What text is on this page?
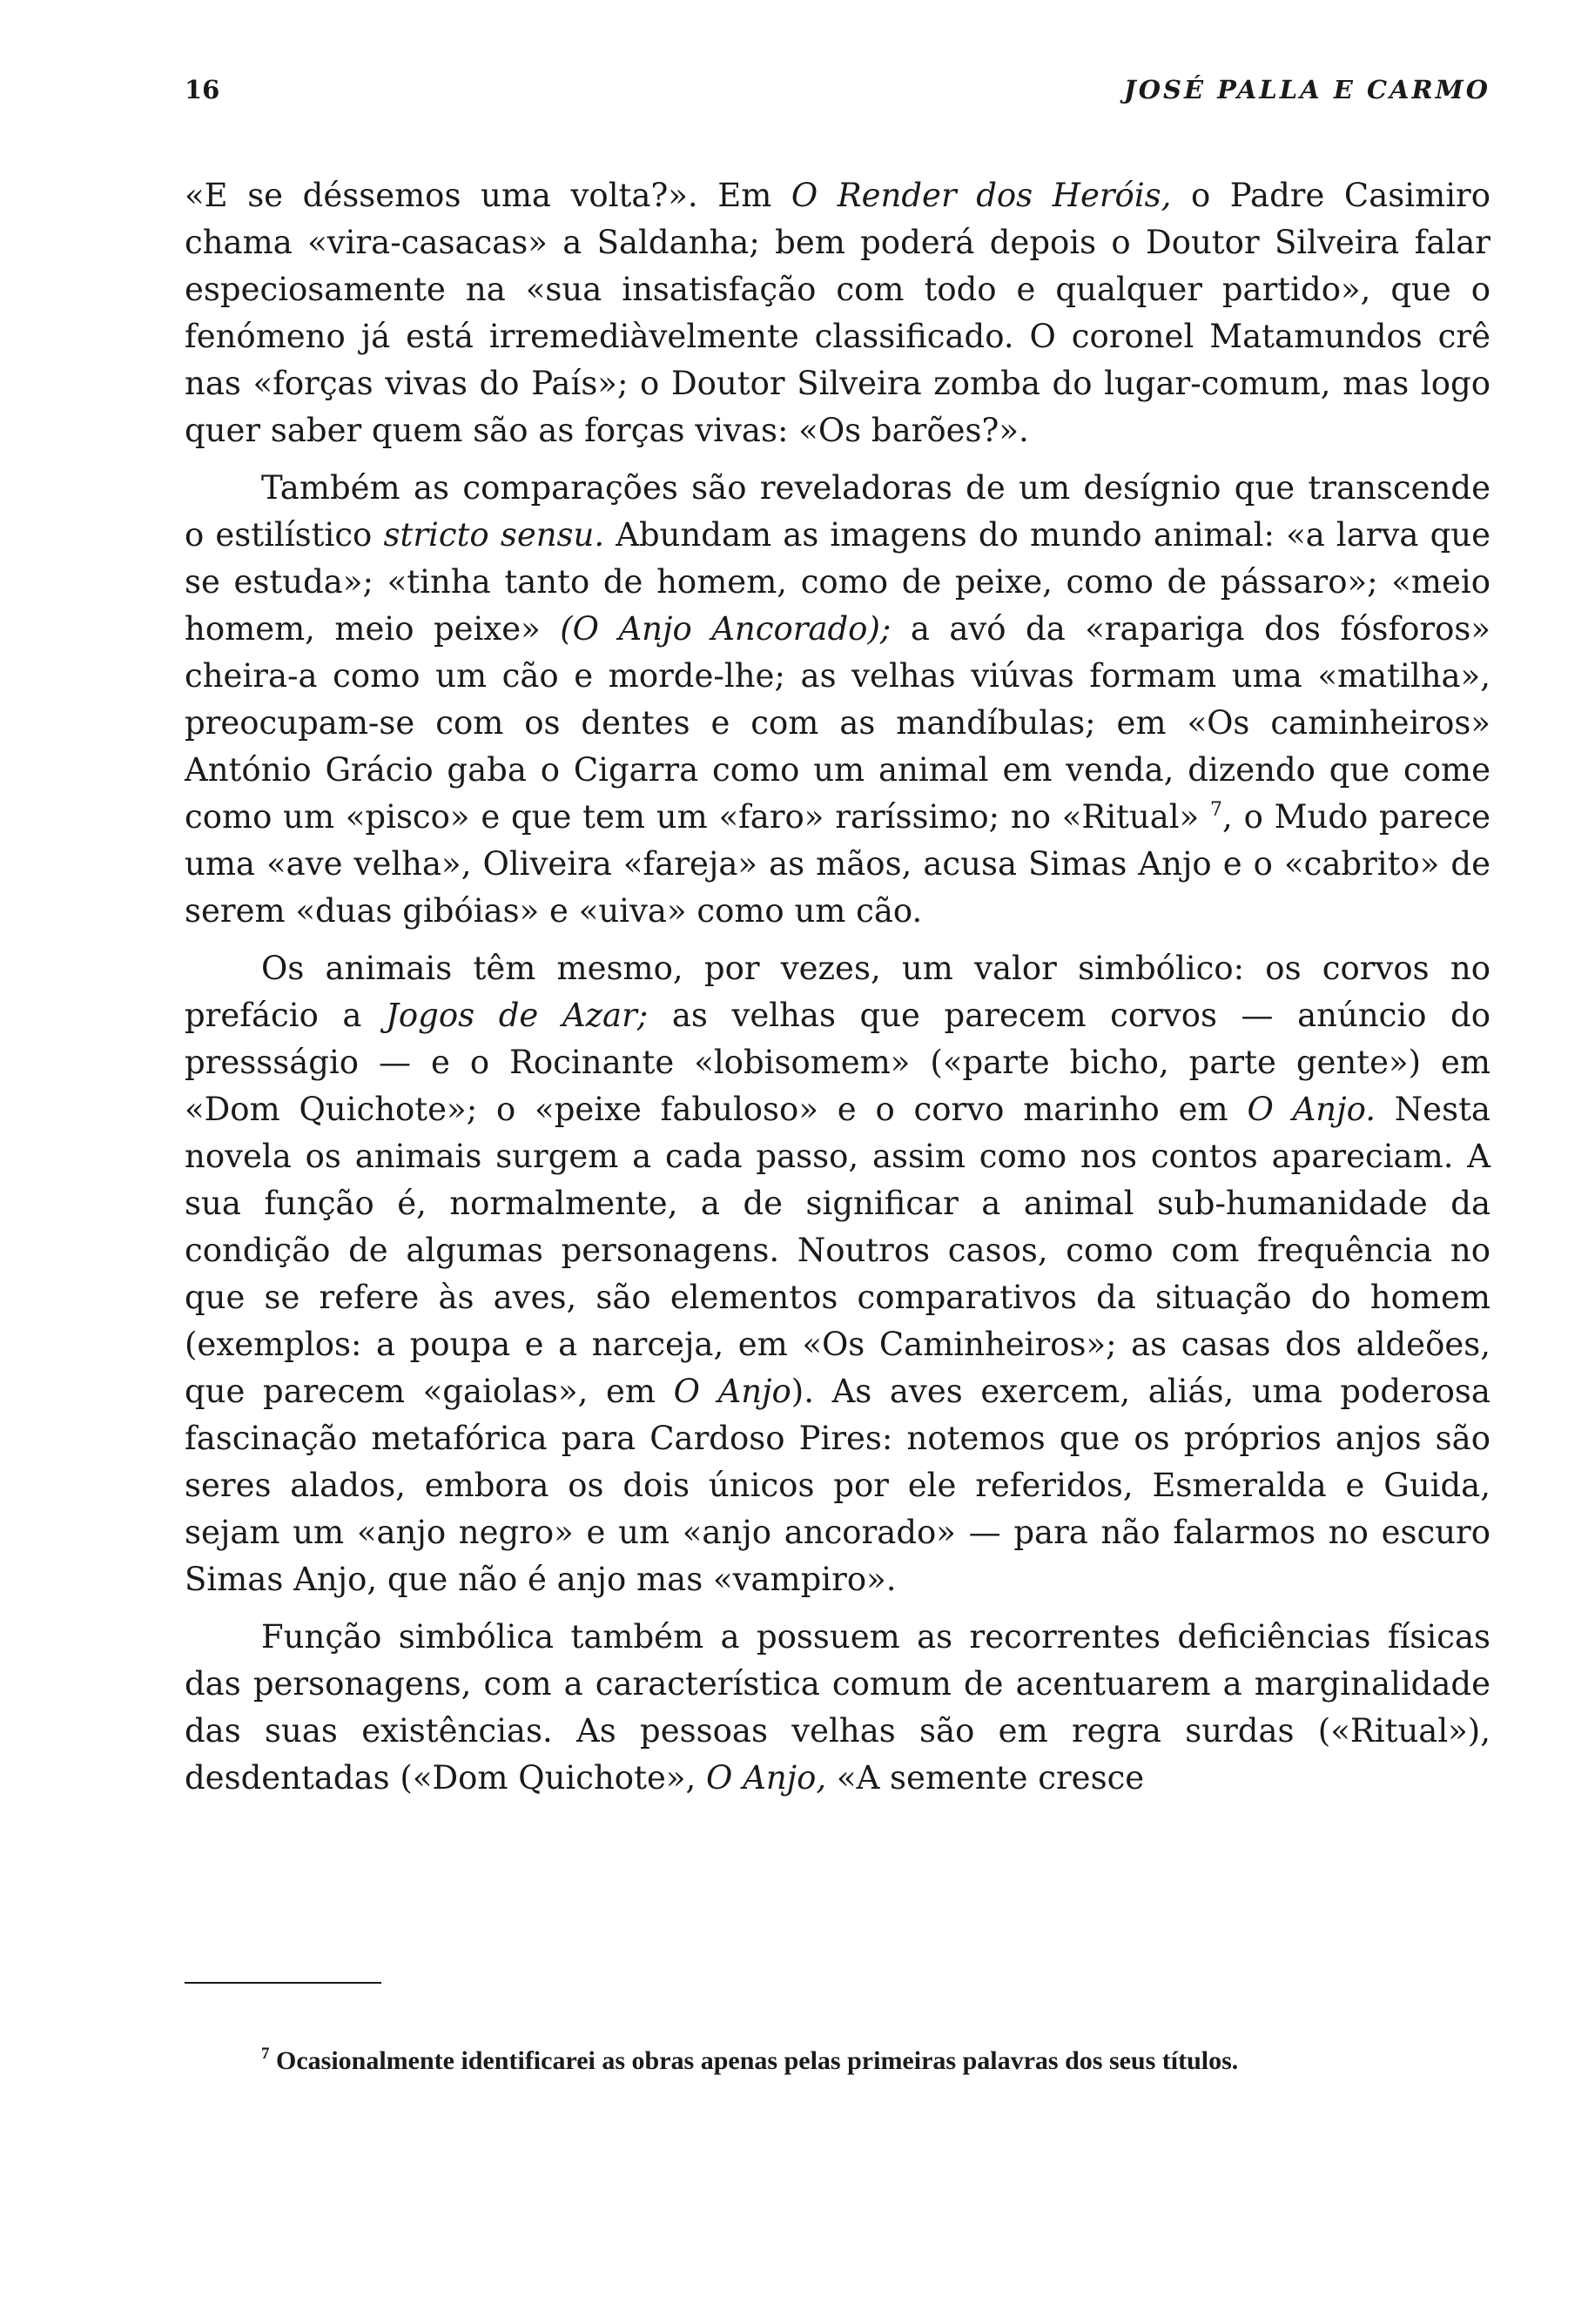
16	JOSÉ PALLA E CARMO

«E se déssemos uma volta?». Em O Render dos Heróis, o Padre Casimiro chama «vira-casacas» a Saldanha; bem poderá depois o Doutor Silveira falar especiosamente na «sua insatisfação com todo e qualquer partido», que o fenómeno já está irremediàvelmente classificado. O coronel Matamundos crê nas «forças vivas do País»; o Doutor Silveira zomba do lugar-comum, mas logo quer saber quem são as forças vivas: «Os barões?».

Também as comparações são reveladoras de um desígnio que transcende o estilístico stricto sensu. Abundam as imagens do mundo animal: «a larva que se estuda»; «tinha tanto de homem, como de peixe, como de pássaro»; «meio homem, meio peixe» (O Anjo Ancorado); a avó da «rapariga dos fósforos» cheira-a como um cão e morde-lhe; as velhas viúvas formam uma «matilha», preocupam-se com os dentes e com as mandíbulas; em «Os caminheiros» António Grácio gaba o Cigarra como um animal em venda, dizendo que come como um «pisco» e que tem um «faro» raríssimo; no «Ritual» $^7$, o Mudo parece uma «ave velha», Oliveira «fareja» as mãos, acusa Simas Anjo e o «cabrito» de serem «duas gibóias» e «uiva» como um cão.

Os animais têm mesmo, por vezes, um valor simbólico: os corvos no prefácio a Jogos de Azar; as velhas que parecem corvos — anúncio do pressságio — e o Rocinante «lobisomem» («parte bicho, parte gente») em «Dom Quichote»; o «peixe fabuloso» e o corvo marinho em O Anjo. Nesta novela os animais surgem a cada passo, assim como nos contos apareciam. A sua função é, normalmente, a de significar a animal sub-humanidade da condição de algumas personagens. Noutros casos, como com frequência no que se refere às aves, são elementos comparativos da situação do homem (exemplos: a poupa e a narceja, em «Os Caminheiros»; as casas dos aldeões, que parecem «gaiolas», em O Anjo). As aves exercem, aliás, uma poderosa fascinação metafórica para Cardoso Pires: notemos que os próprios anjos são seres alados, embora os dois únicos por ele referidos, Esmeralda e Guida, sejam um «anjo negro» e um «anjo ancorado» — para não falarmos no escuro Simas Anjo, que não é anjo mas «vampiro».

Função simbólica também a possuem as recorrentes deficiências físicas das personagens, com a característica comum de acentuarem a marginalidade das suas existências. As pessoas velhas são em regra surdas («Ritual»), desdentadas («Dom Quichote», O Anjo, «A semente cresce

$^7$ Ocasionalmente identificarei as obras apenas pelas primeiras palavras dos seus títulos.
